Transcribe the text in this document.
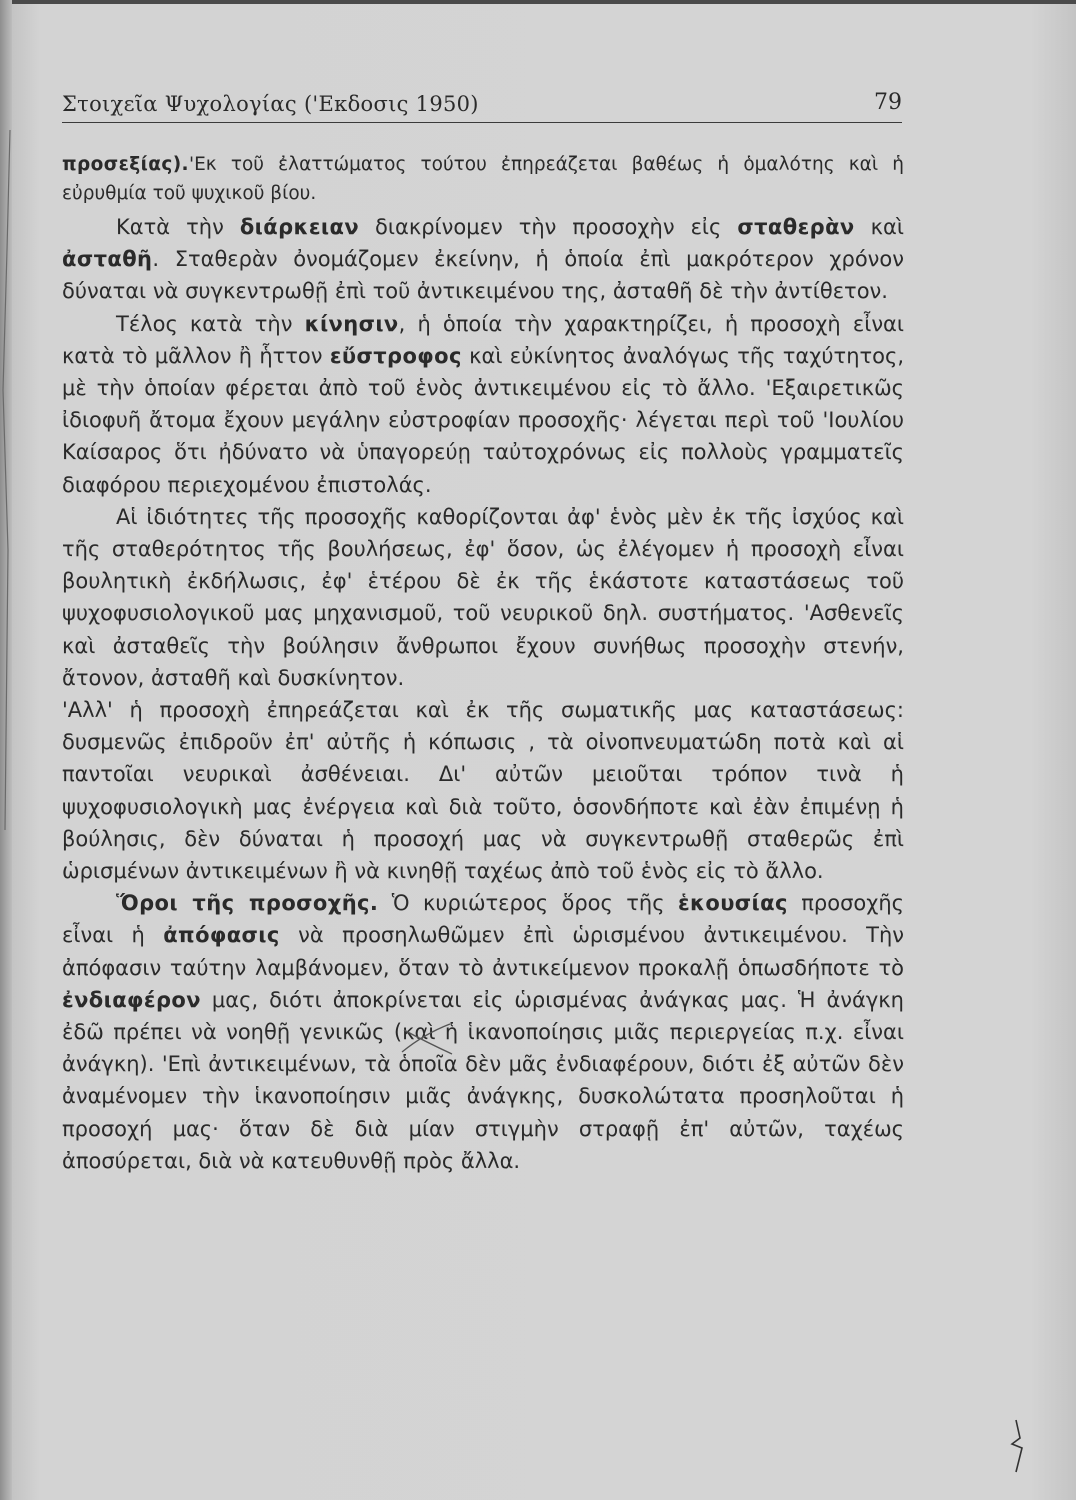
Στοιχεῖα Ψυχολογίας ('Εκδοσις 1950)	79

προσεξίας).'Εκ τοῦ ἐλαττώματος τούτου ἐπηρεάζεται βαθέως ἡ ὁμαλότης καὶ ἡ εὐρυθμία τοῦ ψυχικοῦ βίου.

Κατὰ τὴν διάρκειαν διακρίνομεν τὴν προσοχὴν εἰς σταθερὰν καὶ ἀσταθῆ. Σταθερὰν ὀνομάζομεν ἐκείνην, ἡ ὁποία ἐπὶ μακρότερον χρόνον δύναται νὰ συγκεντρωθῇ ἐπὶ τοῦ ἀντικειμένου της, ἀσταθῆ δὲ τὴν ἀντίθετον.

Τέλος κατὰ τὴν κίνησιν, ἡ ὁποία τὴν χαρακτηρίζει, ἡ προσοχὴ εἶναι κατὰ τὸ μᾶλλον ἢ ἧττον εὔστροφος καὶ εὐκίνητος ἀναλόγως τῆς ταχύτητος, μὲ τὴν ὁποίαν φέρεται ἀπὸ τοῦ ἑνὸς ἀντικειμένου εἰς τὸ ἄλλο. 'Εξαιρετικῶς ἰδιοφυῆ ἄτομα ἔχουν μεγάλην εὐστροφίαν προσοχῆς· λέγεται περὶ τοῦ 'Ιουλίου Καίσαρος ὅτι ἠδύνατο νὰ ὑπαγορεύῃ ταὐτοχρόνως εἰς πολλοὺς γραμματεῖς διαφόρου περιεχομένου ἐπιστολάς.

Αἱ ἰδιότητες τῆς προσοχῆς καθορίζονται ἀφ' ἑνὸς μὲν ἐκ τῆς ἰσχύος καὶ τῆς σταθερότητος τῆς βουλήσεως, ἐφ' ὅσον, ὡς ἐλέγομεν ἡ προσοχὴ εἶναι βουλητικὴ ἐκδήλωσις, ἐφ' ἑτέρου δὲ ἐκ τῆς ἑκάστοτε καταστάσεως τοῦ ψυχοφυσιολογικοῦ μας μηχανισμοῦ, τοῦ νευρικοῦ δηλ. συστήματος. 'Ασθενεῖς καὶ ἀσταθεῖς τὴν βούλησιν ἄνθρωποι ἔχουν συνήθως προσοχὴν στενήν, ἄτονον, ἀσταθῆ καὶ δυσκίνητον.

'Αλλ' ἡ προσοχὴ ἐπηρεάζεται καὶ ἐκ τῆς σωματικῆς μας καταστάσεως: δυσμενῶς ἐπιδροῦν ἐπ' αὐτῆς ἡ κόπωσις , τὰ οἰνοπνευματώδη ποτὰ καὶ αἱ παντοῖαι νευρικαὶ ἀσθένειαι. Δι' αὐτῶν μειοῦται τρόπον τινὰ ἡ ψυχοφυσιολογικὴ μας ἐνέργεια καὶ διὰ τοῦτο, ὁσονδήποτε καὶ ἐὰν ἐπιμένῃ ἡ βούλησις, δὲν δύναται ἡ προσοχή μας νὰ συγκεντρωθῇ σταθερῶς ἐπὶ ὡρισμένων ἀντικειμένων ἢ νὰ κινηθῇ ταχέως ἀπὸ τοῦ ἑνὸς εἰς τὸ ἄλλο.

Ὅροι τῆς προσοχῆς. Ὁ κυριώτερος ὅρος τῆς ἑκουσίας προσοχῆς εἶναι ἡ ἀπόφασις νὰ προσηλωθῶμεν ἐπὶ ὡρισμένου ἀντικειμένου. Τὴν ἀπόφασιν ταύτην λαμβάνομεν, ὅταν τὸ ἀντικείμενον προκαλῇ ὁπωσδήποτε τὸ ἐνδιαφέρον μας, διότι ἀποκρίνεται εἰς ὡρισμένας ἀνάγκας μας. Ἡ ἀνάγκη ἐδῶ πρέπει νὰ νοηθῇ γενικῶς (καὶ ἡ ἱκανοποίησις μιᾶς περιεργείας π.χ. εἶναι ἀνάγκη). 'Επὶ ἀντικειμένων, τὰ ὁποῖα δὲν μᾶς ἐνδιαφέρουν, διότι ἐξ αὐτῶν δὲν ἀναμένομεν τὴν ἱκανοποίησιν μιᾶς ἀνάγκης, δυσκολώτατα προσηλοῦται ἡ προσοχή μας· ὅταν δὲ διὰ μίαν στιγμὴν στραφῇ ἐπ' αὐτῶν, ταχέως ἀποσύρεται, διὰ νὰ κατευθυνθῇ πρὸς ἄλλα.
